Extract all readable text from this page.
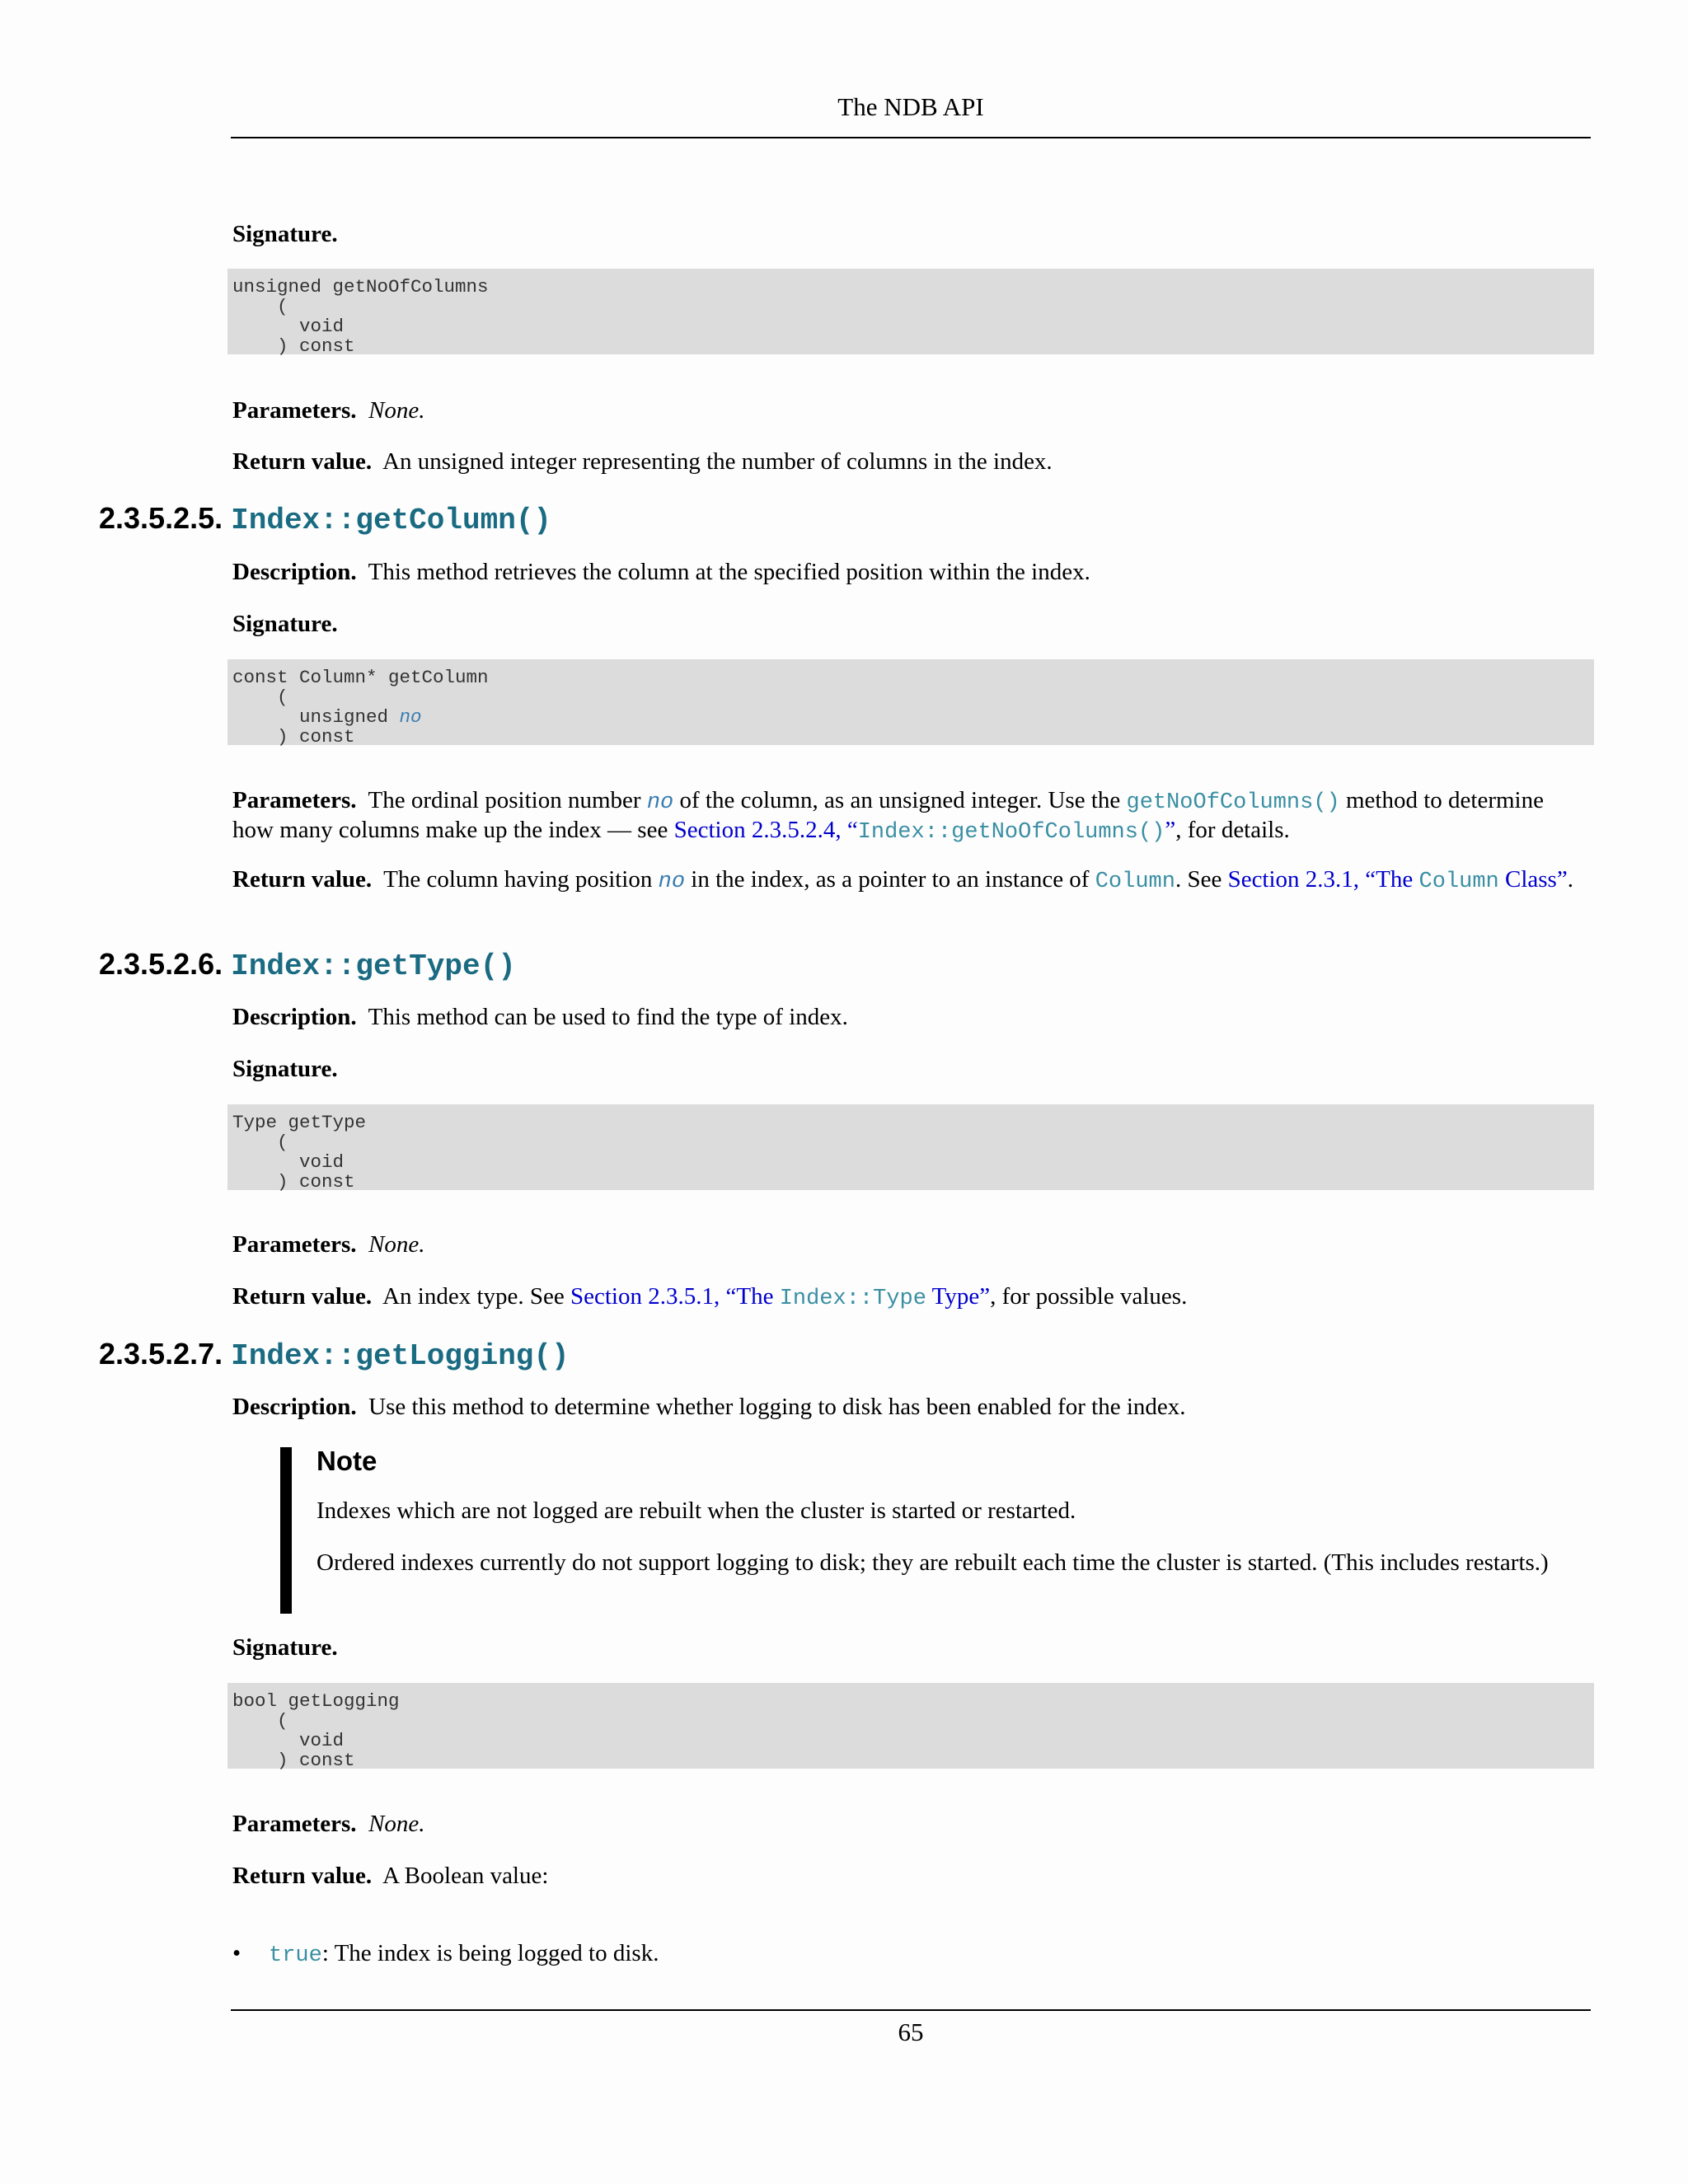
The NDB API
Signature.
unsigned getNoOfColumns
(
void
) const
Parameters. None.
Return value. An unsigned integer representing the number of columns in the index.
2.3.5.2.5. Index::getColumn()
Description. This method retrieves the column at the specified position within the index.
Signature.
const Column* getColumn
(
unsigned no
) const
Parameters. The ordinal position number no of the column, as an unsigned integer. Use the getNoOfColumns() method to determine how many columns make up the index — see Section 2.3.5.2.4, “Index::getNoOfColumns()”, for details.
Return value. The column having position no in the index, as a pointer to an instance of Column. See Section 2.3.1, “The Column Class”.
2.3.5.2.6. Index::getType()
Description. This method can be used to find the type of index.
Signature.
Type getType
(
void
) const
Parameters. None.
Return value. An index type. See Section 2.3.5.1, “The Index::Type Type”, for possible values.
2.3.5.2.7. Index::getLogging()
Description. Use this method to determine whether logging to disk has been enabled for the index.
Note

Indexes which are not logged are rebuilt when the cluster is started or restarted.

Ordered indexes currently do not support logging to disk; they are rebuilt each time the cluster is started. (This includes restarts.)

Signature.
bool getLogging
(
void
) const
Parameters. None.
Return value. A Boolean value:
• true: The index is being logged to disk.
65
